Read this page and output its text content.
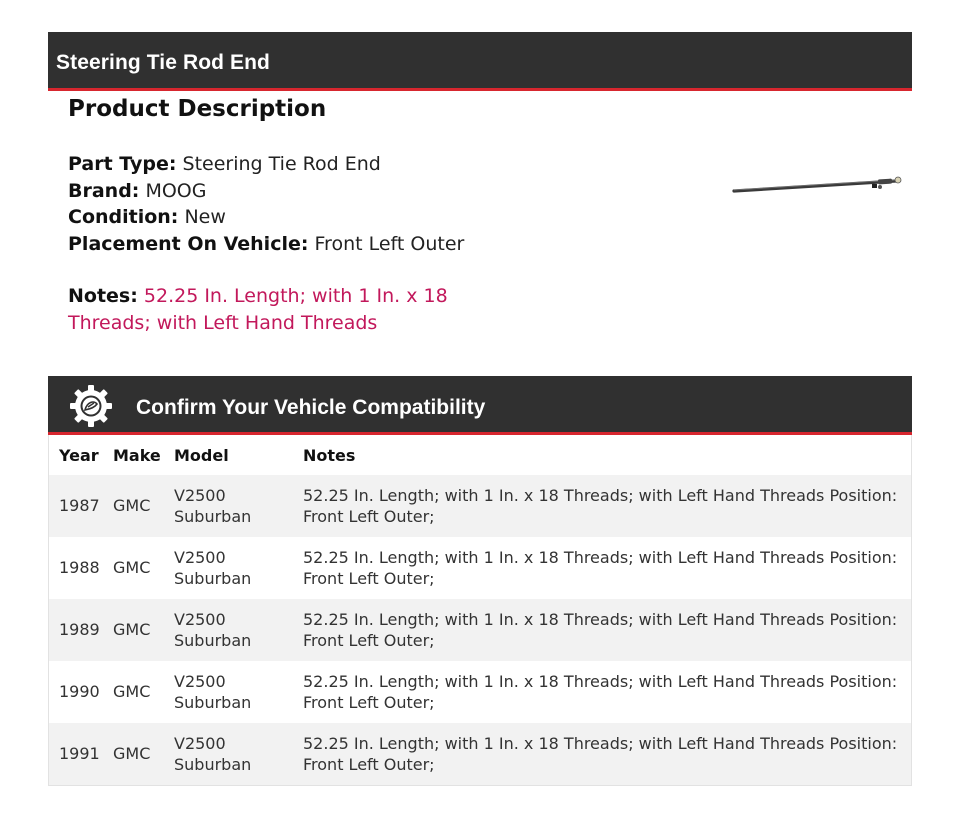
Steering Tie Rod End
Product Description
Part Type: Steering Tie Rod End
Brand: MOOG
Condition: New
Placement On Vehicle: Front Left Outer
Notes: 52.25 In. Length; with 1 In. x 18 Threads; with Left Hand Threads
Confirm Your Vehicle Compatibility
Year	Make	Model	Notes
1987	GMC	V2500 Suburban	52.25 In. Length; with 1 In. x 18 Threads; with Left Hand Threads Position: Front Left Outer;
1988	GMC	V2500 Suburban	52.25 In. Length; with 1 In. x 18 Threads; with Left Hand Threads Position: Front Left Outer;
1989	GMC	V2500 Suburban	52.25 In. Length; with 1 In. x 18 Threads; with Left Hand Threads Position: Front Left Outer;
1990	GMC	V2500 Suburban	52.25 In. Length; with 1 In. x 18 Threads; with Left Hand Threads Position: Front Left Outer;
1991	GMC	V2500 Suburban	52.25 In. Length; with 1 In. x 18 Threads; with Left Hand Threads Position: Front Left Outer;
